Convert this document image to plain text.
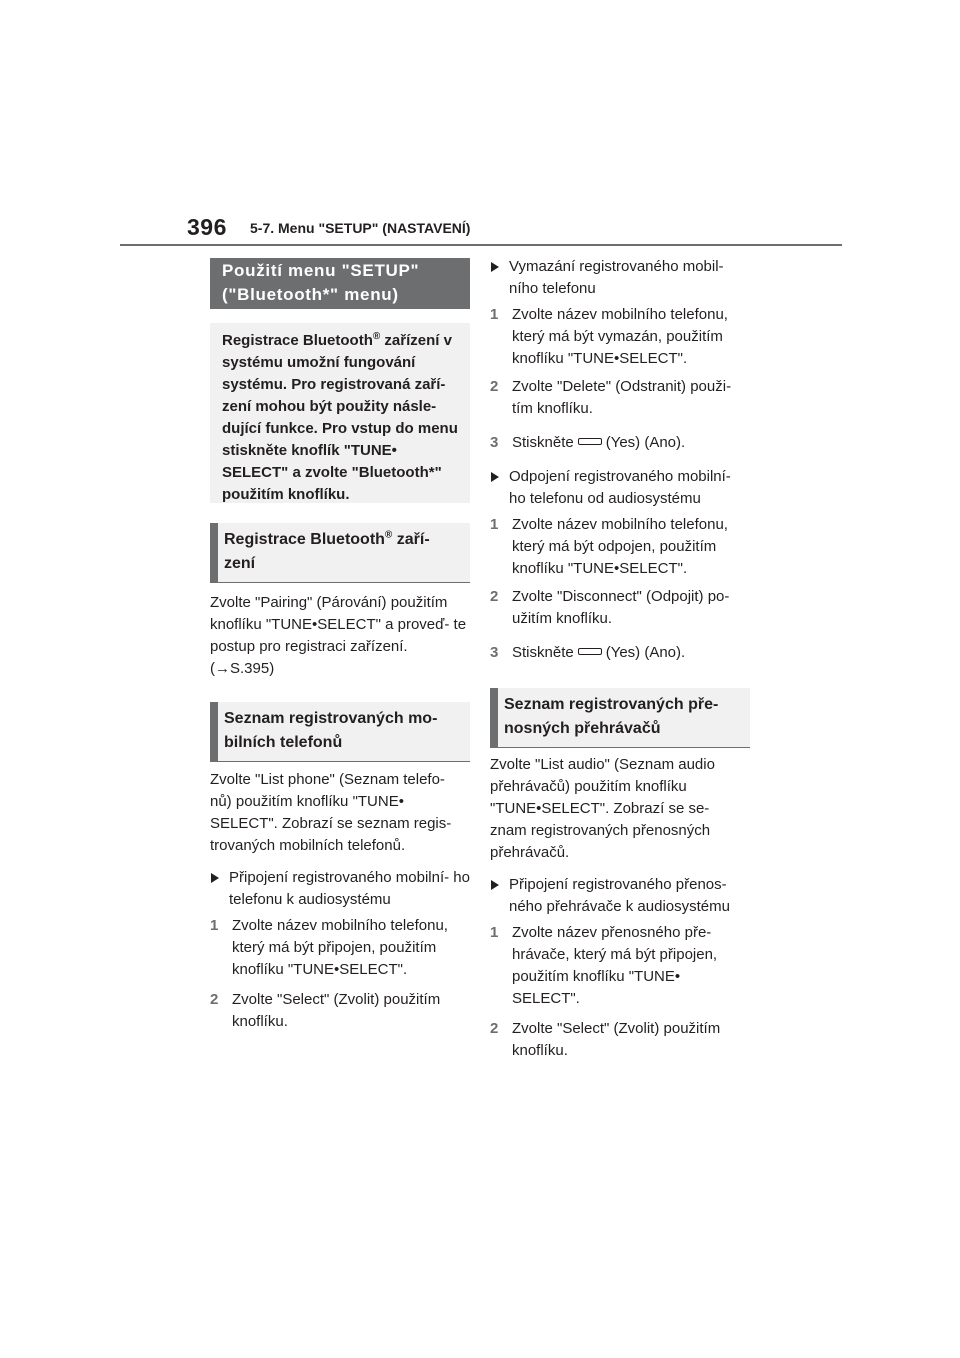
396 5-7. Menu "SETUP" (NASTAVENÍ)
Použití menu "SETUP" ("Bluetooth*" menu)
Registrace Bluetooth® zařízení v systému umožní fungování systému. Pro registrovaná zaří- zení mohou být použity násle- dující funkce. Pro vstup do menu stiskněte knoflík "TUNE• SELECT" a zvolte "Bluetooth*" použitím knoflíku.
Registrace Bluetooth® zaří- zení

Zvolte "Pairing" (Párování) použitím knoflíku "TUNE•SELECT" a proveď- te postup pro registraci zařízení.
(→S.395)

Seznam registrovaných mo- bilních telefonů

Zvolte "List phone" (Seznam telefo- nů) použitím knoflíku "TUNE• SELECT". Zobrazí se seznam regis- trovaných mobilních telefonů.

Připojení registrovaného mobilní- ho telefonu k audiosystému
1 Zvolte název mobilního telefonu, který má být připojen, použitím knoflíku "TUNE•SELECT".
2 Zvolte "Select" (Zvolit) použitím knoflíku.
Vymazání registrovaného mobil- ního telefonu
1 Zvolte název mobilního telefonu, který má být vymazán, použitím knoflíku "TUNE•SELECT".
2 Zvolte "Delete" (Odstranit) použi- tím knoflíku.
3 Stiskněte (Yes) (Ano).
Odpojení registrovaného mobilní- ho telefonu od audiosystému
1 Zvolte název mobilního telefonu, který má být odpojen, použitím knoflíku "TUNE•SELECT".
2 Zvolte "Disconnect" (Odpojit) po- užitím knoflíku.
3 Stiskněte (Yes) (Ano).
Seznam registrovaných pře- nosných přehrávačů

Zvolte "List audio" (Seznam audio přehrávačů) použitím knoflíku "TUNE•SELECT". Zobrazí se se- znam registrovaných přenosných přehrávačů.

Připojení registrovaného přenos- ného přehrávače k audiosystému
1 Zvolte název přenosného pře- hrávače, který má být připojen, použitím knoflíku "TUNE• SELECT".
2 Zvolte "Select" (Zvolit) použitím knoflíku.
